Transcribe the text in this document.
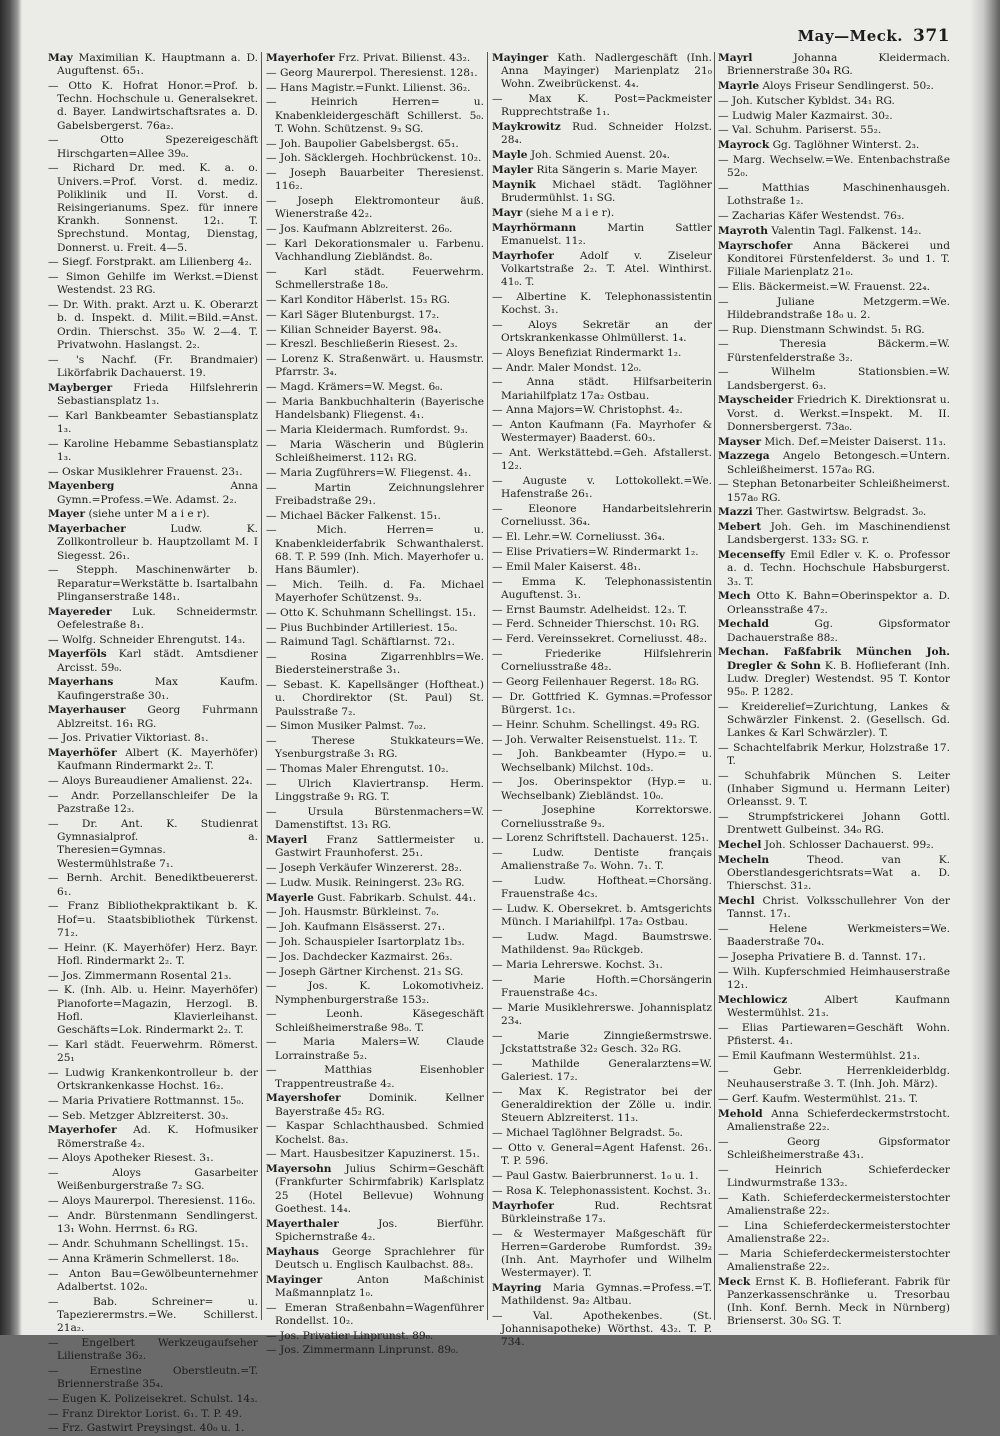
May—Meck. 371

May Maximilian K. Hauptmann a. D. Auguftenst. 65₁.

— Otto K. Hofrat Honor.=Prof. b. Techn. Hochschule u. Generalsekret. d. Bayer. Landwirtschaftsrates a. D. Gabelsbergerst. 76a₂.

— Otto Spezereigeschäft Hirschgarten=Allee 39₀.

— Richard Dr. med. K. a. o. Univers.=Prof. Vorst. d. mediz. Poliklinik und II. Vorst. d. Reisingerianums. Spez. für innere Krankh. Sonnenst. 12₁. T. Sprechstund. Montag, Dienstag, Donnerst. u. Freit. 4—5.

— Siegf. Forstprakt. am Lilienberg 4₂.

— Simon Gehilfe im Werkst.=Dienst Westendst. 23 RG.

— Dr. With. prakt. Arzt u. K. Oberarzt b. d. Inspekt. d. Milit.=Bild.=Anst. Ordin. Thierschst. 35₀ W. 2—4. T. Privatwohn. Haslangst. 2₂.

— 's Nachf. (Fr. Brandmaier) Likörfabrik Dachauerst. 19.

Mayberger Frieda Hilfslehrerin Sebastiansplatz 1₃.

— Karl Bankbeamter Sebastiansplatz 1₃.

— Karoline Hebamme Sebastiansplatz 1₃.

— Oskar Musiklehrer Frauenst. 23₁.

Mayenberg	Anna Gymn.=Profess.=We. Adamst. 2₂.

Mayer (siehe unter M a i e r).

Mayerbacher	Ludw. K. Zollkontrolleur b. Hauptzollamt M. I Siegesst. 26₁.

— Stepph. Maschinenwärter b. Reparatur=Werkstätte b. Isartalbahn Plinganserstraße 148₁.

Mayereder Luk. Schneidermstr. Oefelestraße 8₁.

— Wolfg. Schneider Ehrengutst. 14₃.

Mayerföls Karl städt. Amtsdiener Arcisst. 59₀.

Mayerhans	Max Kaufm. Kaufingerstraße 30₁.

Mayerhauser Georg Fuhrmann Ablzreitst. 16₁ RG.

— Jos. Privatier Viktoriast. 8₁.

Mayerhöfer Albert (K. Mayerhöfer) Kaufmann Rindermarkt 2₂. T.

— Aloys Bureaudiener Amalienst. 22₄.

— Andr. Porzellanschleifer De la Pazstraße 12₃.

— Dr. Ant. K. Studienrat Gymnasialprof. a. Theresien=Gymnas. Westermühlstraße 7₁.

— Bernh. Archit. Benediktbeuererst. 6₁.

— Franz Bibliothekpraktikant b. K. Hof=u. Staatsbibliothek Türkenst. 71₂.

— Heinr. (K. Mayerhöfer) Herz. Bayr. Hofl. Rindermarkt 2₂. T.

— Jos. Zimmermann Rosental 21₃.

— K. (Inh. Alb. u. Heinr. Mayerhöfer) Pianoforte=Magazin, Herzogl. B. Hofl. Klavierleihanst. Geschäfts=Lok. Rindermarkt 2₂. T.

— Karl städt. Feuerwehrm. Römerst. 25₁

— Ludwig Krankenkontrolleur b. der Ortskrankenkasse Hochst. 16₂.

— Maria Privatiere Rottmannst. 15₀.

— Seb. Metzger Ablzreiterst. 30₃.

Mayerhofer Ad. K. Hofmusiker Römerstraße 4₂.

— Aloys Apotheker Riesest. 3₁.

— Aloys Gasarbeiter Weißenburgerstraße 7₂ SG.

— Aloys Maurerpol. Theresienst. 116₀.

— Andr. Bürstenmann Sendlingerst. 13₁ Wohn. Herrnst. 6₃ RG.

— Andr. Schuhmann Schellingst. 15₁.

— Anna Krämerin Schmellerst. 18₀.

— Anton Bau=Gewölbeunternehmer Adalbertst. 102₀.

— Bab. Schreiner= u. Tapezierermstrs.=We. Schillerst. 21a₂.

— Engelbert Werkzeugaufseher Lilienstraße 36₂.

— Ernestine Oberstleutn.=T. Briennerstraße 35₄.

— Eugen K. Polizeisekret. Schulst. 14₃.

— Franz Direktor Lorist. 6₁. T. P. 49.

— Frz. Gastwirt Preysingst. 40₀ u. 1.

Mayerhofer Frz. Privat. Bilienst. 43₂.

— Georg Maurerpol. Theresienst. 128₁.

— Hans Magistr.=Funkt. Lilienst. 36₂.

— Heinrich Herren= u. Knabenkleidergeschäft Schillerst. 5₀. T. Wohn. Schützenst. 9₃ SG.

— Joh. Baupolier Gabelsbergst. 65₁.

— Joh. Säcklergeh. Hochbrückenst. 10₂.

— Joseph Bauarbeiter Theresienst. 116₂.

— Joseph Elektromonteur äuß. Wienerstraße 42₂.

— Jos. Kaufmann Ablzreiterst. 26₀.

— Karl Dekorationsmaler u. Farbenu. Vachhandlung Ziebländst. 8₀.

— Karl städt. Feuerwehrm. Schmellerstraße 18₀.

— Karl Konditor Häberlst. 15₃ RG.

— Karl Säger Blutenburgst. 17₂.

— Kilian Schneider Bayerst. 98₄.

— Kreszl. Beschließerin Riesest. 2₃.

— Lorenz K. Straßenwärt. u. Hausmstr. Pfarrstr. 3₄.

— Magd. Krämers=W. Megst. 6₀.

— Maria Bankbuchhalterin (Bayerische Handelsbank) Fliegenst. 4₁.

— Maria Kleidermach. Rumfordst. 9₃.

— Maria Wäscherin und Büglerin Schleißheimerst. 112₁ RG.

— Maria Zugführers=W. Fliegenst. 4₁.

— Martin Zeichnungslehrer Freibadstraße 29₁.

— Michael Bäcker Falkenst. 15₁.

— Mich. Herren= u. Knabenkleiderfabrik Schwanthalerst. 68. T. P. 599 (Inh. Mich. Mayerhofer u. Hans Bäumler).

— Mich. Teilh. d. Fa. Michael Mayerhofer Schützenst. 9₃.

— Otto K. Schuhmann Schellingst. 15₁.

— Pius Buchbinder Artilleriest. 15₀.

— Raimund Tagl. Schäftlarnst. 72₁.

— Rosina Zigarrenhblrs=We. Biedersteinerstraße 3₁.

— Sebast. K. Kapellsänger (Hoftheat.) u. Chordirektor (St. Paul) St. Paulsstraße 7₂.

— Simon Musiker Palmst. 7₀₂.

— Therese Stukkateurs=We. Ysenburgstraße 3₁ RG.

— Thomas Maler Ehrengutst. 10₂.

— Ulrich Klaviertransp. Herm. Linggstraße 9₁ RG. T.

— Ursula Bürstenmachers=W. Damenstiftst. 13₁ RG.

Mayerl Franz Sattlermeister u. Gastwirt Fraunhoferst. 25₁.

— Joseph Verkäufer Winzererst. 28₂.

— Ludw. Musik. Reiningerst. 23₀ RG.

Mayerle Gust. Fabrikarb. Schulst. 44₁.

— Joh. Hausmstr. Bürkleinst. 7₀.

— Joh. Kaufmann Elsässerst. 27₁.

— Joh. Schauspieler Isartorplatz 1b₃.

— Jos. Dachdecker Kazmairst. 26₃.

— Joseph Gärtner Kirchenst. 21₃ SG.

— Jos. K. Lokomotivheiz. Nymphenburgerstraße 153₂.

— Leonh. Käsegeschäft Schleißheimerstraße 98₀. T.

— Maria Malers=W. Claude Lorrainstraße 5₂.

— Matthias Eisenhobler Trappentreustraße 4₂.

Mayershofer	Dominik. Kellner Bayerstraße 45₂ RG.

— Kaspar Schlachthausbed. Schmied Kochelst. 8a₃.

— Mart. Hausbesitzer Kapuzinerst. 15₁.

Mayersohn Julius Schirm=Geschäft (Frankfurter Schirmfabrik) Karlsplatz 25 (Hotel Bellevue) Wohnung Goethest. 14₄.

Mayerthaler	Jos. Bierführ. Spichernstraße 4₂.

Mayhaus George Sprachlehrer für Deutsch u. Englisch Kaulbachst. 88₃.

Mayinger	Anton Maßchinist Maßmannplatz 1₀.

— Emeran Straßenbahn=Wagenführer Rondellst. 10₂.

— Jos. Privatier Linprunst. 89₀.

— Jos. Zimmermann Linprunst. 89₀.

Mayinger Kath. Nadlergeschäft (Inh. Anna Mayinger) Marienplatz 21₀ Wohn. Zweibrückenst. 4₄.

— Max K. Post=Packmeister Rupprechtstraße 1₁.

Maykrowitz Rud. Schneider Holzst. 28₄.

Mayle Joh. Schmied Auenst. 20₄.

Mayler Rita Sängerin s. Marie Mayer.

Maynik Michael städt. Taglöhner Brudermühlst. 1₁ SG.

Mayr (siehe M a i e r).

Mayrhörmann	Martin Sattler Emanuelst. 11₂.

Mayrhofer Adolf v. Ziseleur Volkartstraße 2₂. T. Atel. Winthirst. 41₀. T.

— Albertine K. Telephonassistentin Kochst. 3₁.

— Aloys Sekretär an der Ortskrankenkasse Ohlmüllerst. 1₄.

— Aloys Benefiziat Rindermarkt 1₂.

— Andr. Maler Mondst. 12₀.

— Anna städt. Hilfsarbeiterin Mariahilfplatz 17a₂ Ostbau.

— Anna Majors=W. Christophst. 4₂.

— Anton Kaufmann (Fa. Mayrhofer & Westermayer) Baaderst. 60₃.

— Ant. Werkstättebd.=Geh. Afstallerst. 12₂.

— Auguste v. Lottokollekt.=We. Hafenstraße 26₁.

— Eleonore Handarbeitslehrerin Corneliusst. 36₄.

— El. Lehr.=W. Corneliusst. 36₄.

— Elise Privatiers=W. Rindermarkt 1₂.

— Emil Maler Kaiserst. 48₁.

— Emma K. Telephonassistentin Auguftenst. 3₁.

— Ernst Baumstr. Adelheidst. 12₃. T.

— Ferd. Schneider Thierschst. 10₁ RG.

— Ferd. Vereinssekret. Corneliusst. 48₂.

— Friederike Hilfslehrerin Corneliusstraße 48₂.

— Georg Feilenhauer Regerst. 18₀ RG.

— Dr. Gottfried K. Gymnas.=Professor Bürgerst. 1c₁.

— Heinr. Schuhm. Schellingst. 49₃ RG.

— Joh. Verwalter Reisenstuelst. 11₂. T.

— Joh. Bankbeamter (Hypo.= u. Wechselbank) Milchst. 10d₃.

— Jos. Oberinspektor (Hyp.= u. Wechselbank) Ziebländst. 10₀.

— Josephine Korrektorswe. Corneliusstraße 9₃.

— Lorenz Schriftstell. Dachauerst. 125₁.

— Ludw. Dentiste français Amalienstraße 7₀. Wohn. 7₁. T.

— Ludw. Hoftheat.=Chorsäng. Frauenstraße 4c₃.

— Ludw. K. Obersekret. b. Amtsgerichts Münch. I Mariahilfpl. 17a₂ Ostbau.

— Ludw. Magd. Baumstrswe. Mathildenst. 9a₀ Rückgeb.

— Maria Lehrerswe. Kochst. 3₁.

— Marie Hofth.=Chorsängerin Frauenstraße 4c₃.

— Marie Musiklehrerswe. Johannisplatz 23₄.

— Marie Zinngießermstrswe. Jckstattstraße 32₂ Gesch. 32₀ RG.

— Mathilde Generalarztens=W. Galeriest. 17₂.

— Max K. Registrator bei der Generaldirektion der Zölle u. indir. Steuern Ablzreiterst. 11₃.

— Michael Taglöhner Belgradst. 5₀.

— Otto v. General=Agent Hafenst. 26₁. T. P. 596.

— Paul Gastw. Baierbrunnerst. 1₀ u. 1.

— Rosa K. Telephonassistent. Kochst. 3₁.

Mayrhofer	Rud. Rechtsrat Bürkleinstraße 17₃.

— & Westermayer Maßgeschäft für Herren=Garderobe Rumfordst. 39₂ (Inh. Ant. Mayrhofer und Wilhelm Westermayer). T.

Mayring Maria Gymnas.=Profess.=T. Mathildenst. 9a₂ Altbau.

— Val. Apothekenbes. (St. Johannisapotheke) Wörthst. 43₂. T. P. 734.

Mayrl	Johanna Kleidermach. Briennerstraße 30₄ RG.

Mayrle Aloys Friseur Sendlingerst. 50₂.

— Joh. Kutscher Kybldst. 34₁ RG.

— Ludwig Maler Kazmairst. 30₂.

— Val. Schuhm. Pariserst. 55₂.

Mayrock Gg. Taglöhner Winterst. 2₃.

— Marg. Wechselw.=We. Entenbachstraße 52₀.

— Matthias Maschinenhausgeh. Lothstraße 1₂.

— Zacharias Käfer Westendst. 76₃.

Mayroth Valentin Tagl. Falkenst. 14₂.

Mayrschofer Anna Bäckerei und Konditorei Fürstenfelderst. 3₀ und 1. T. Filiale Marienplatz 21₀.

— Elis. Bäckermeist.=W. Frauenst. 22₄.

— Juliane Metzgerm.=We. Hildebrandstraße 18₀ u. 2.

— Rup. Dienstmann Schwindst. 5₁ RG.

— Theresia Bäckerm.=W. Fürstenfelderstraße 3₂.

— Wilhelm Stationsbien.=W. Landsbergerst. 6₃.

Mayscheider Friedrich K. Direktionsrat u. Vorst. d. Werkst.=Inspekt. M. II. Donnersbergerst. 73a₀.

Mayser Mich. Def.=Meister Daiserst. 11₃.

Mazzega Angelo Betongesch.=Untern. Schleißheimerst. 157a₀ RG.

— Stephan Betonarbeiter Schleißheimerst. 157a₀ RG.

Mazzi Ther. Gastwirtsw. Belgradst. 3₀.

Mebert Joh. Geh. im Maschinendienst Landsbergerst. 133₂ SG. r.

Mecenseffy Emil Edler v. K. o. Professor a. d. Techn. Hochschule Habsburgerst. 3₃. T.

Mech Otto K. Bahn=Oberinspektor a. D. Orleansstraße 47₂.

Mechald	Gg. Gipsformator Dachauerstraße 88₂.

Mechan. Faßfabrik München Joh. Dregler & Sohn K. B. Hoflieferant (Inh. Ludw. Dregler) Westendst. 95 T. Kontor 95₀. P. 1282.

— Kreiderelief=Zurichtung, Lankes & Schwärzler Finkenst. 2. (Gesellsch. Gd. Lankes & Karl Schwärzler). T.

— Schachtelfabrik Merkur, Holzstraße 17. T.

— Schuhfabrik München S. Leiter (Inhaber Sigmund u. Hermann Leiter) Orleansst. 9. T.

— Strumpfstrickerei Johann Gottl. Drentwett Gulbeinst. 34₀ RG.

Mechel Joh. Schlosser Dachauerst. 99₂.

Mecheln	Theod. van K. Oberstlandesgerichtsrats=Wat a. D. Thierschst. 31₂.

Mechl Christ. Volksschullehrer Von der Tannst. 17₁.

— Helene Werkmeisters=We. Baaderstraße 70₄.

— Josepha Privatiere B. d. Tannst. 17₁.

— Wilh. Kupferschmied Heimhauserstraße 12₁.

Mechlowicz	Albert Kaufmann Westermühlst. 21₃.

— Elias Partiewaren=Geschäft Wohn. Pfisterst. 4₁.

— Emil Kaufmann Westermühlst. 21₃.

— Gebr. Herrenkleiderbldg. Neuhauserstraße 3. T. (Inh. Joh. März).

— Gerf. Kaufm. Westermühlst. 21₃. T.

Mehold Anna Schieferdeckermstrstocht. Amalienstraße 22₂.

— Georg Gipsformator Schleißheimerstraße 43₁.

— Heinrich Schieferdecker Lindwurmstraße 133₂.

— Kath. Schieferdeckermeisterstochter Amalienstraße 22₂.

— Lina Schieferdeckermeisterstochter Amalienstraße 22₂.

— Maria Schieferdeckermeisterstochter Amalienstraße 22₂.

Meck Ernst K. B. Hoflieferant. Fabrik für Panzerkassenschränke u. Tresorbau (Inh. Konf. Bernh. Meck in Nürnberg) Brienserst. 30₀ SG. T.
